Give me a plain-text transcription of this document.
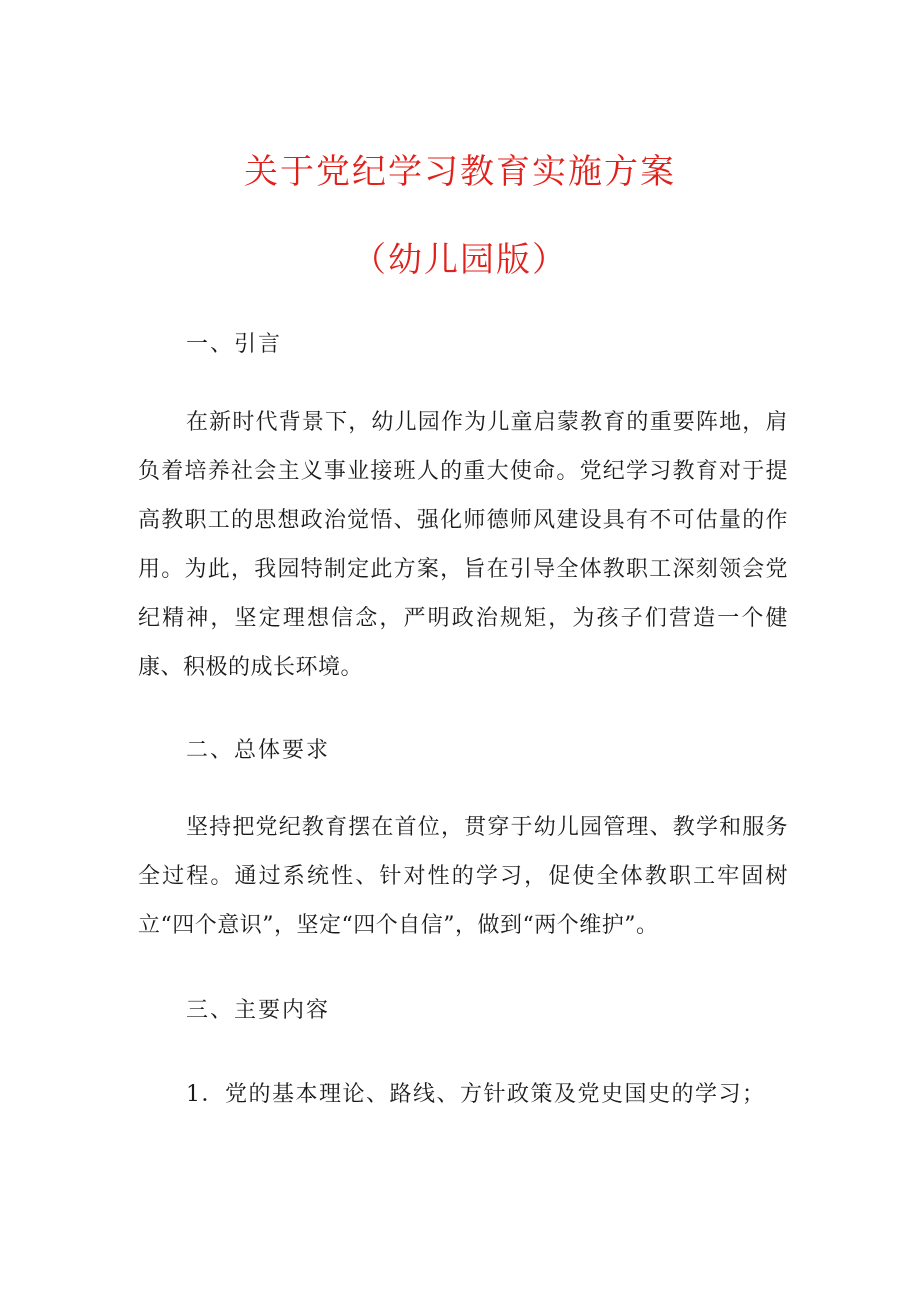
关于党纪学习教育实施方案
（幼儿园版）
一、引言
在新时代背景下，幼儿园作为儿童启蒙教育的重要阵地，肩负着培养社会主义事业接班人的重大使命。党纪学习教育对于提高教职工的思想政治觉悟、强化师德师风建设具有不可估量的作用。为此，我园特制定此方案，旨在引导全体教职工深刻领会党纪精神，坚定理想信念，严明政治规矩，为孩子们营造一个健康、积极的成长环境。
二、总体要求
坚持把党纪教育摆在首位，贯穿于幼儿园管理、教学和服务全过程。通过系统性、针对性的学习，促使全体教职工牢固树立“四个意识”，坚定“四个自信”，做到“两个维护”。
三、主要内容
1．党的基本理论、路线、方针政策及党史国史的学习；
